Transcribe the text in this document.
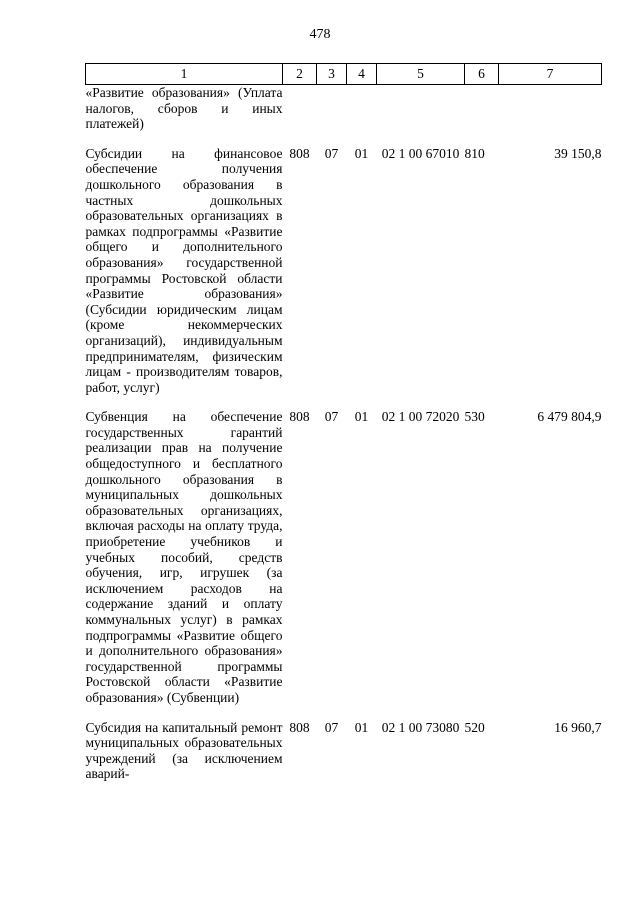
478
1	2	3	4	5	6	7
«Развитие образования» (Уплата налогов, сборов и иных платежей)						
Субсидии на финансовое обеспечение получения дошкольного образования в частных дошкольных образовательных организациях в рамках подпрограммы «Развитие общего и дополнительного образования» государственной программы Ростовской области «Развитие образования» (Субсидии юридическим лицам (кроме некоммерческих организаций), индивидуальным предпринимателям, физическим лицам - производителям товаров, работ, услуг)	808	07	01	02 1 00 67010	810	39 150,8
Субвенция на обеспечение государственных гарантий реализации прав на получение общедоступного и бесплатного дошкольного образования в муниципальных дошкольных образовательных организациях, включая расходы на оплату труда, приобретение учебников и учебных пособий, средств обучения, игр, игрушек (за исключением расходов на содержание зданий и оплату коммунальных услуг) в рамках подпрограммы «Развитие общего и дополнительного образования» государственной программы Ростовской области «Развитие образования» (Субвенции)	808	07	01	02 1 00 72020	530	6 479 804,9
Субсидия на капитальный ремонт муниципальных образовательных учреждений (за исключением аварий-	808	07	01	02 1 00 73080	520	16 960,7
